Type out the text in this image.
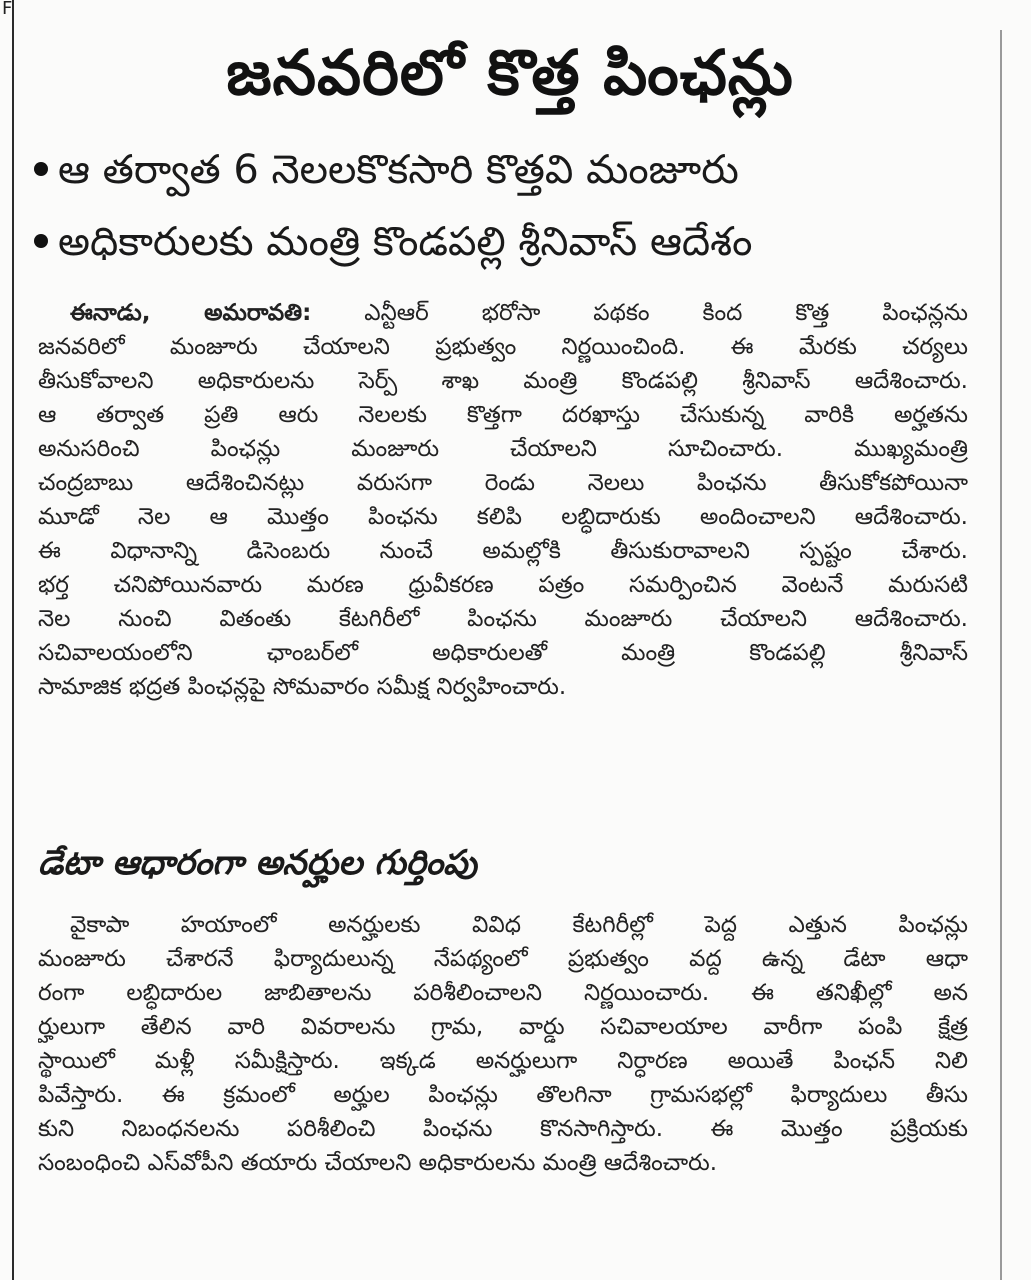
F
జనవరిలో కొత్త పింఛన్లు
ఆ తర్వాత 6 నెలలకొకసారి కొత్తవి మంజూరు
అధికారులకు మంత్రి కొండపల్లి శ్రీనివాస్ ఆదేశం
ఈనాడు, అమరావతి: ఎన్టీఆర్ భరోసా పథకం కింద కొత్త పింఛన్లను
జనవరిలో మంజూరు చేయాలని ప్రభుత్వం నిర్ణయించింది. ఈ మేరకు చర్యలు
తీసుకోవాలని అధికారులను సెర్ప్ శాఖ మంత్రి కొండపల్లి శ్రీనివాస్ ఆదేశించారు.
ఆ తర్వాత ప్రతి ఆరు నెలలకు కొత్తగా దరఖాస్తు చేసుకున్న వారికి అర్హతను
అనుసరించి పింఛన్లు మంజూరు చేయాలని సూచించారు. ముఖ్యమంత్రి
చంద్రబాబు ఆదేశించినట్లు వరుసగా రెండు నెలలు పింఛను తీసుకోకపోయినా
మూడో నెల ఆ మొత్తం పింఛను కలిపి లబ్ధిదారుకు అందించాలని ఆదేశించారు.
ఈ విధానాన్ని డిసెంబరు నుంచే అమల్లోకి తీసుకురావాలని స్పష్టం చేశారు.
భర్త చనిపోయినవారు మరణ ధ్రువీకరణ పత్రం సమర్పించిన వెంటనే మరుసటి
నెల నుంచి వితంతు కేటగిరీలో పింఛను మంజూరు చేయాలని ఆదేశించారు.
సచివాలయంలోని ఛాంబర్‌లో అధికారులతో మంత్రి కొండపల్లి శ్రీనివాస్
సామాజిక భద్రత పింఛన్లపై సోమవారం సమీక్ష నిర్వహించారు.
డేటా ఆధారంగా అనర్హుల గుర్తింపు
వైకాపా హయాంలో అనర్హులకు వివిధ కేటగిరీల్లో పెద్ద ఎత్తున పింఛన్లు
మంజూరు చేశారనే ఫిర్యాదులున్న నేపథ్యంలో ప్రభుత్వం వద్ద ఉన్న డేటా ఆధా
రంగా లబ్ధిదారుల జాబితాలను పరిశీలించాలని నిర్ణయించారు. ఈ తనిఖీల్లో అన
ర్హులుగా తేలిన వారి వివరాలను గ్రామ, వార్డు సచివాలయాల వారీగా పంపి క్షేత్ర
స్థాయిలో మళ్లీ సమీక్షిస్తారు. ఇక్కడ అనర్హులుగా నిర్ధారణ అయితే పింఛన్ నిలి
పివేస్తారు. ఈ క్రమంలో అర్హుల పింఛన్లు తొలగినా గ్రామసభల్లో ఫిర్యాదులు తీసు
కుని నిబంధనలను పరిశీలించి పింఛను కొనసాగిస్తారు. ఈ మొత్తం ప్రక్రియకు
సంబంధించి ఎస్‌వోపీని తయారు చేయాలని అధికారులను మంత్రి ఆదేశించారు.
